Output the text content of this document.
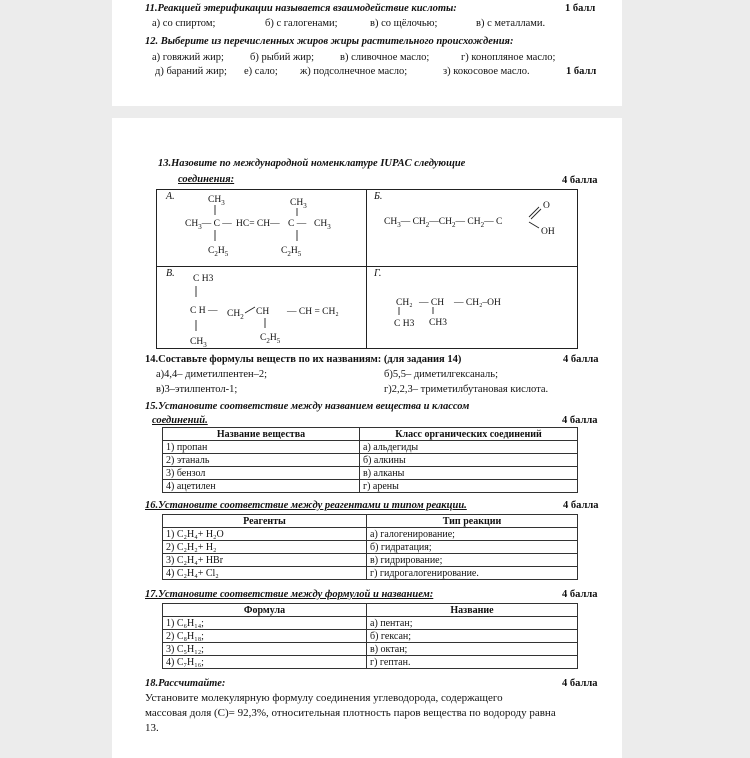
11.Реакцией этерификации называется взаимодействие кислоты:	1 балл
а) со спиртом;	б) с галогенами;	в) со щёлочью;	в) с металлами.
12. Выберите из перечисленных жиров жиры растительного происхождения:
а) говяжий жир; б) рыбий жир; в) сливочное масло;	г) конопляное масло;
д) бараний жир; е) сало; ж) подсолнечное масло;	з) кокосовое масло.	1 балл
13.Назовите по международной номенклатуре IUPAC следующие
соединения:	4 балла
А.	$CH_3$	$CH_3$
$CH_3—$ C — HC= CH— C — $CH_3$
$C_2H_5$	$C_2H_5$
Б.
$CH_3—$ $CH_2—CH_2—$ $CH_2—$ C
O
OH
В. C H3
C H — $CH_2$ CH — CH = CH₂
$CH_3$
$C_2H_5$
Г.
CH₂ — CH — CH₂–OH
C H3 CH3
14.Составьте формулы веществ по их названиям: (для задания 14)	4 балла
а)4,4– диметилпентен–2;	б)5,5– диметилгексаналь;
в)3–этилпентол-1;	г)2,2,3– триметилбутановая кислота.
15.Установите соответствие между названием вещества и классом
соединений.	4 балла
Название вещества	Класс органических соединений
1) пропан	а) альдегиды
2) этаналь	б) алкины
3) бензол	в) алканы
4) ацетилен	г) арены
16.Установите соответствие между реагентами и типом реакции.	4 балла
Реагенты	Тип реакции
1) C₂H₄+ H₂O	а) галогенирование;
2) C₂H₂+ H₂	б) гидратация;
3) C₂H₄+ HBr	в) гидрирование;
4) C₂H₄+ Cl₂	г) гидрогалогенирование.
17.Установите соответствие между формулой и названием:	4 балла
Формула	Название
1) C₆H₁₄;	а) пентан;
2) C₈H₁₈;	б) гексан;
3) C₅H₁₂;	в) октан;
4) C₇H₁₆;	г) гептан.
18.Рассчитайте:	4 балла
Установите молекулярную формулу соединения углеводорода, содержащего
массовая доля (С)= 92,3%, относительная плотность паров вещества по водороду равна
13.
